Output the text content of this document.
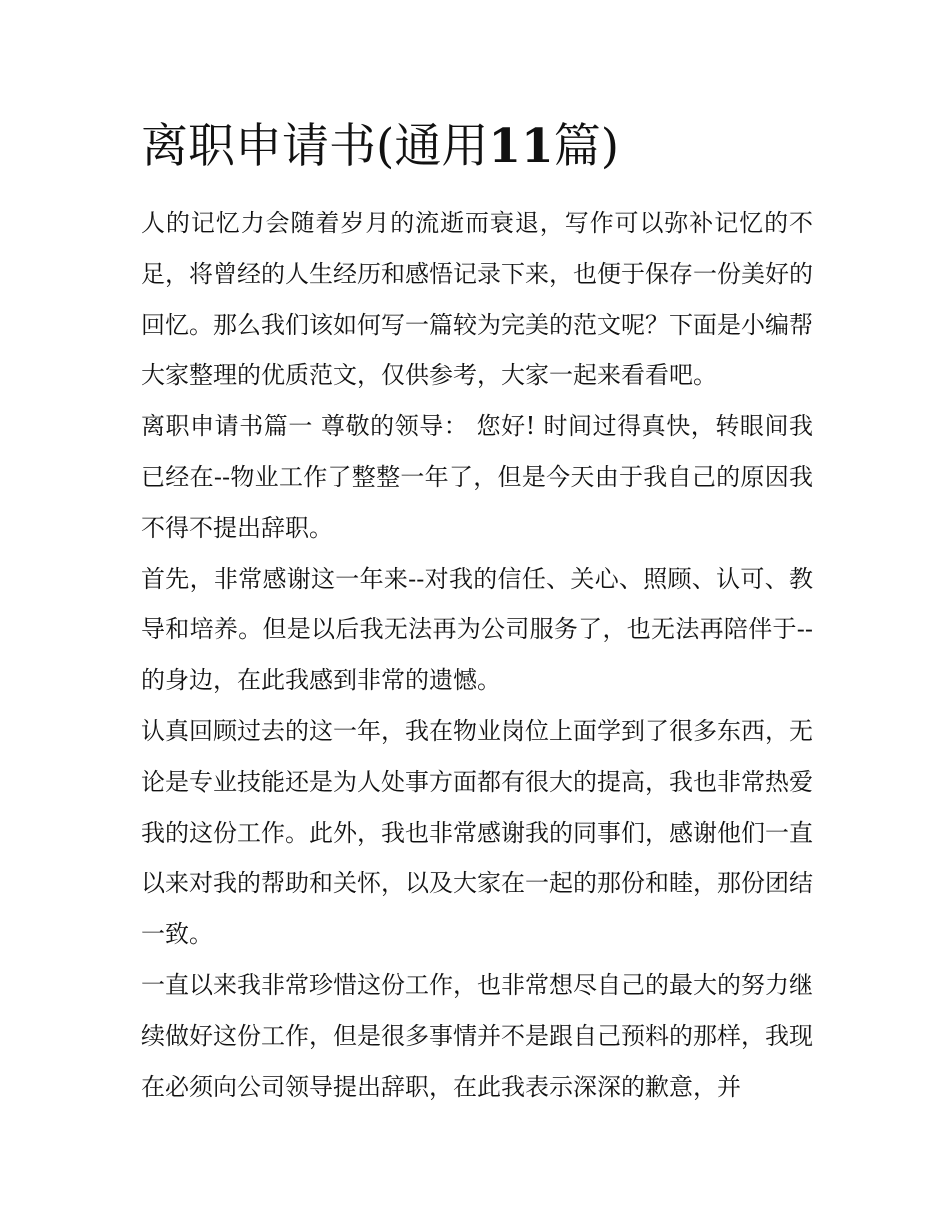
离职申请书(通用11篇)

人的记忆力会随着岁月的流逝而衰退，写作可以弥补记忆的不足，将曾经的人生经历和感悟记录下来，也便于保存一份美好的回忆。那么我们该如何写一篇较为完美的范文呢？下面是小编帮大家整理的优质范文，仅供参考，大家一起来看看吧。

离职申请书篇一 尊敬的领导： 您好! 时间过得真快，转眼间我已经在--物业工作了整整一年了，但是今天由于我自己的原因我不得不提出辞职。

首先，非常感谢这一年来--对我的信任、关心、照顾、认可、教导和培养。但是以后我无法再为公司服务了，也无法再陪伴于--的身边，在此我感到非常的遗憾。

认真回顾过去的这一年，我在物业岗位上面学到了很多东西，无论是专业技能还是为人处事方面都有很大的提高，我也非常热爱我的这份工作。此外，我也非常感谢我的同事们，感谢他们一直以来对我的帮助和关怀，以及大家在一起的那份和睦，那份团结一致。

一直以来我非常珍惜这份工作，也非常想尽自己的最大的努力继续做好这份工作，但是很多事情并不是跟自己预料的那样，我现在必须向公司领导提出辞职，在此我表示深深的歉意，并
